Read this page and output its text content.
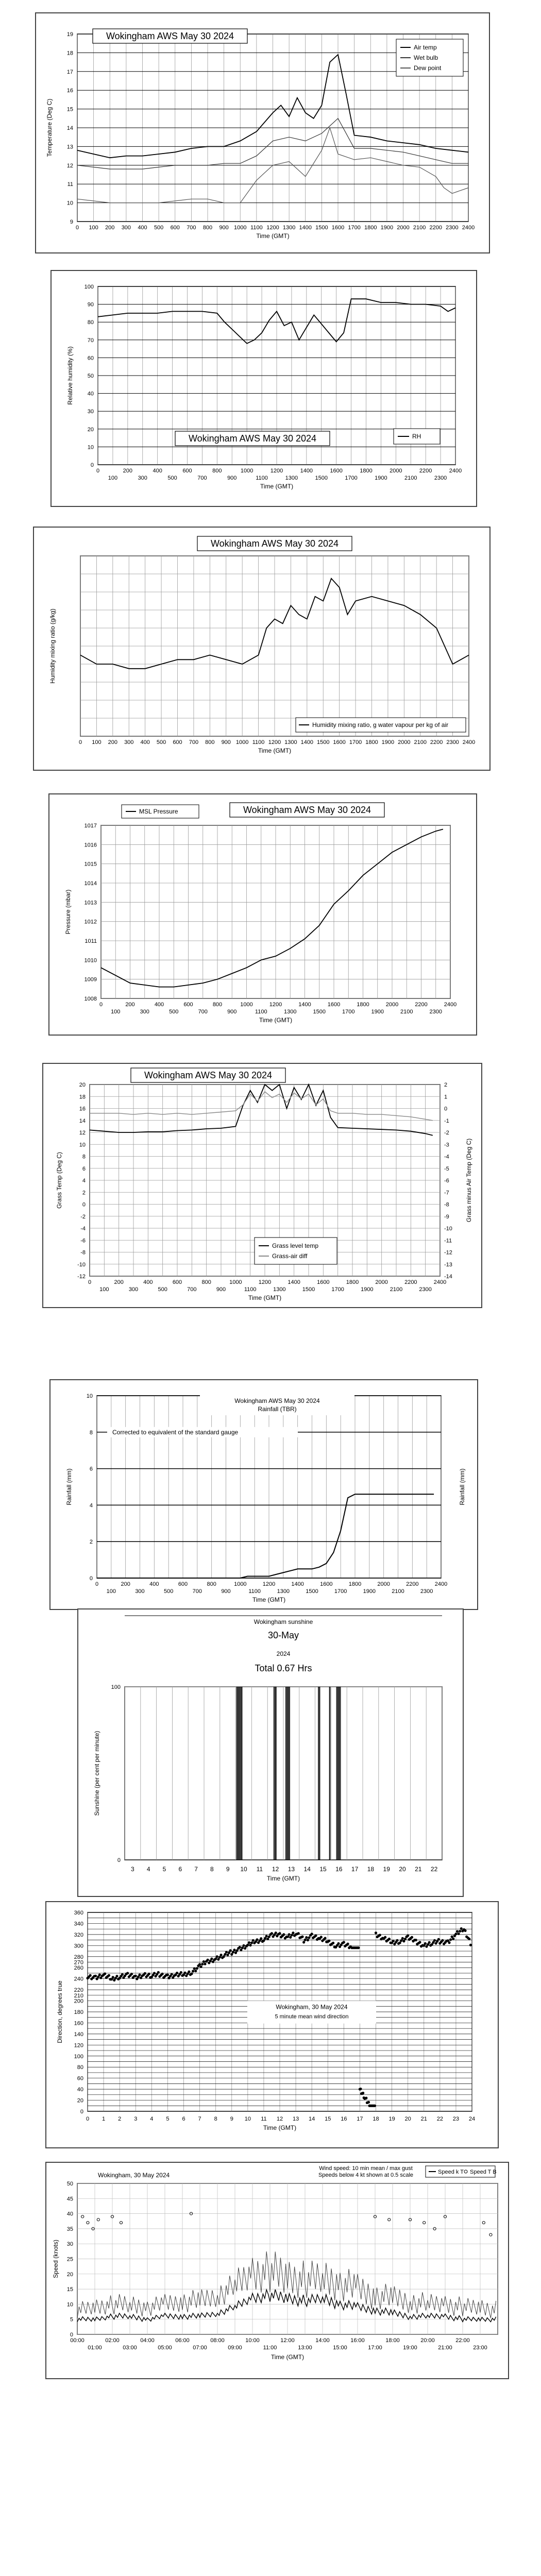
9
10
11
12
13
14
15
16
17
18
19
0 100 200 300 400 500 600 700 800 900 1000 1100 1200 1300 1400 1500 1600 1700 1800 1900 2000 2100 2200 2300 2400
Time (GMT)
Temperature (Deg C)
Wokingham AWS May 30 2024
Air temp
Wet bulb
Dew point
0
10
20
30
40
50
60
70
80
90
100
0	200	400	600	800	1000	1200	1400	1600	1800	2000	2200	2400
100	300	500	700	900	1100	1300	1500	1700	1900	2100	2300
Time (GMT)
Relative humidity (%)
Wokingham AWS May 30 2024	RH
0 100 200 300 400 500 600 700 800 900 1000 1100 1200 1300 1400 1500 1600 1700 1800 1900 2000 2100 2200 2300 2400
Time (GMT)
Humidity mixing ratio (g/kg)
Wokingham AWS May 30 2024
Humidity mixing ratio, g water vapour per kg of air
1008
1009
1010
1011
1012
1013
1014
1015
1016
1017
0	200	400	600	800	1000	1200	1400	1600	1800	2000	2200	2400
100	300	500	700	900	1100	1300	1500	1700	1900	2100	2300
Time (GMT)
Pressure (mbar)
MSL Pressure	Wokingham AWS May 30 2024
-12
-10
-8
-6
-4
-2
0
2
4
6
8
10
12
14
16
18
20
-14
-13
-12
-11
-10
-9
-8
-7
-6
-5
-4
-3
-2
-1
0
1
2
0	200	400	600	800	1000	1200	1400	1600	1800	2000	2200	2400
100	300	500	700	900	1100	1300	1500	1700	1900	2100	2300
Time (GMT)
Grass Temp (Deg C)	Grass minus Air Temp (Deg C)
Wokingham AWS May 30 2024
Grass level temp
Grass-air diff
0
2
4
6
8
10
0	200	400	600	800	1000	1200	1400	1600	1800	2000	2200	2400
100	300	500	700	900	1100	1300	1500	1700	1900	2100	2300
Time (GMT)
Rainfall (mm)	Rainfall (mm)
Wokingham AWS May 30 2024
Rainfall (TBR)
Corrected to equivalent of the standard gauge
0
100
3 4 5 6 7 8 9 10 11 12 13 14 15 16 17 18 19 20 21 22
Time (GMT)
Sunshine (per cent per minute)
Wokingham sunshine
30-May
2024
Total 0.67 Hrs
0
20
40
60
80
100
120
140
160
180
200
210
220
240
260
270
280
300
320
340
360
0 1 2 3 4 5 6 7 8 9 10 11 12 13 14 15 16 17 18 19 20 21 22 23 24
Time (GMT)
Direction, degrees true	Wokingham, 30 May 2024
5 minute mean wind direction
0
5
10
15
20
25
30
35
40
45
50
00:00	02:00	04:00	06:00	08:00	10:00	12:00	14:00	16:00	18:00	20:00	22:00
01:00	03:00	05:00	07:00	09:00	11:00	13:00	15:00	17:00	19:00	21:00	23:00
Time (GMT)
Speed (knots)
Wokingham, 30 May 2024
Wind speed: 10 min mean / max gust
Speeds below 4 kt shown at 0.5 scale	Speed k T Speed T B
